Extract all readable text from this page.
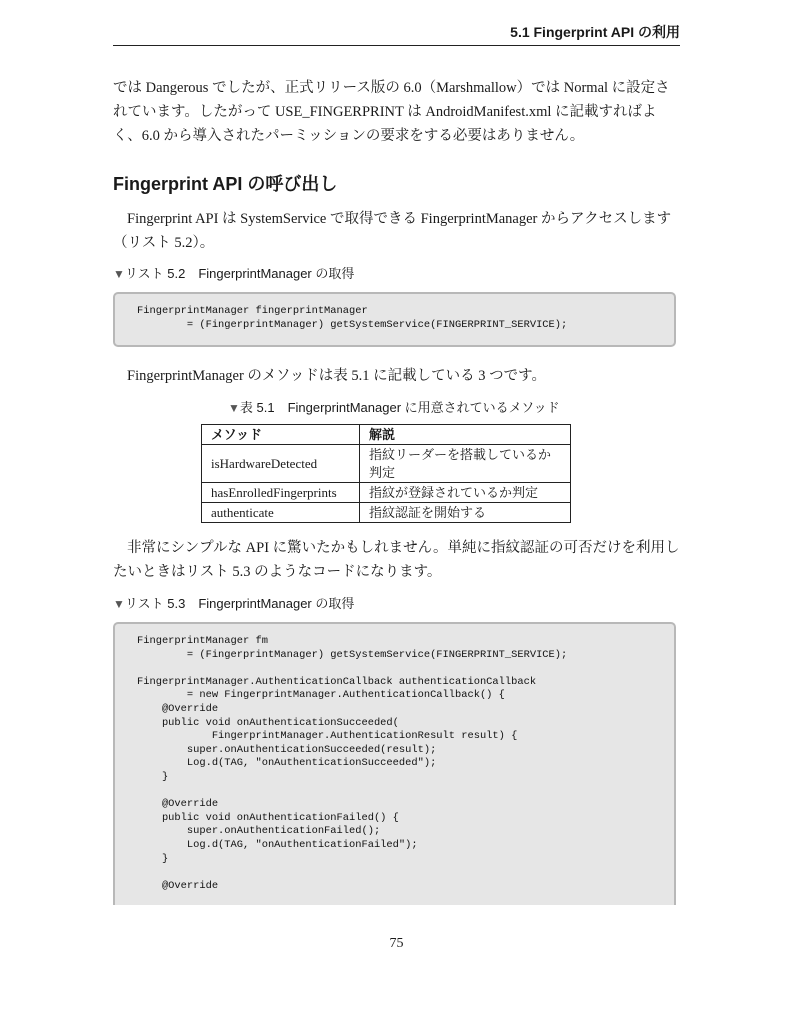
5.1 Fingerprint API の利用

では Dangerous でしたが、正式リリース版の 6.0（Marshmallow）では Normal に設定されています。したがって USE_FINGERPRINT は AndroidManifest.xml に記載すればよく、6.0 から導入されたパーミッションの要求をする必要はありません。

Fingerprint API の呼び出し

Fingerprint API は SystemService で取得できる FingerprintManager からアクセスします（リスト 5.2）。

▼リスト 5.2　FingerprintManager の取得

FingerprintManager fingerprintManager
= (FingerprintManager) getSystemService(FINGERPRINT_SERVICE);

FingerprintManager のメソッドは表 5.1 に記載している 3 つです。

▼表 5.1　FingerprintManager に用意されているメソッド

メソッド	解説
isHardwareDetected	指紋リーダーを搭載しているか判定
hasEnrolledFingerprints	指紋が登録されているか判定
authenticate	指紋認証を開始する

非常にシンプルな API に驚いたかもしれません。単純に指紋認証の可否だけを利用したいときはリスト 5.3 のようなコードになります。

▼リスト 5.3　FingerprintManager の取得

FingerprintManager fm
= (FingerprintManager) getSystemService(FINGERPRINT_SERVICE);

FingerprintManager.AuthenticationCallback authenticationCallback
= new FingerprintManager.AuthenticationCallback() {
@Override
public void onAuthenticationSucceeded(
FingerprintManager.AuthenticationResult result) {
super.onAuthenticationSucceeded(result);
Log.d(TAG, "onAuthenticationSucceeded");
}

@Override
public void onAuthenticationFailed() {
super.onAuthenticationFailed();
Log.d(TAG, "onAuthenticationFailed");
}

@Override
75
